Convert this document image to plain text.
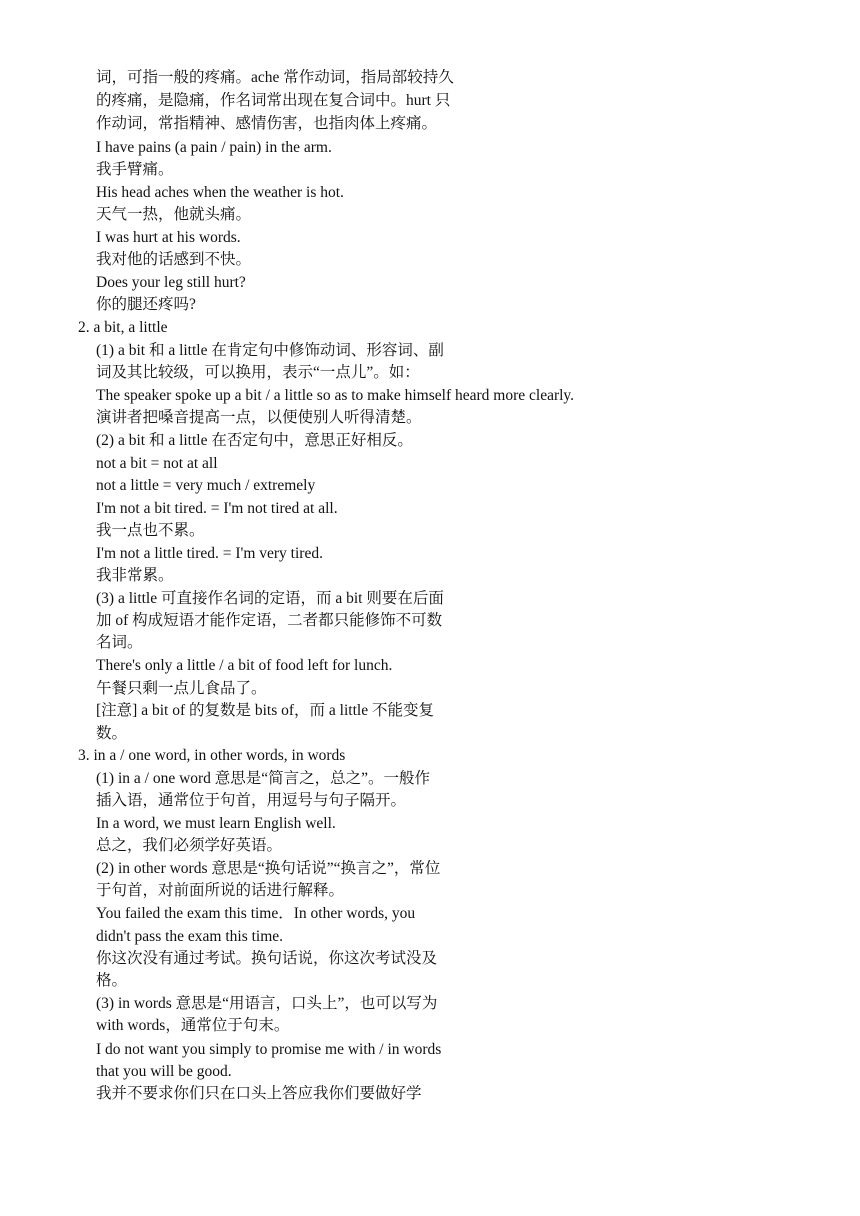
词，可指一般的疼痛。ache 常作动词，指局部较持久
的疼痛，是隐痛，作名词常出现在复合词中。hurt 只
作动词，常指精神、感情伤害，也指肉体上疼痛。
I have pains (a pain / pain) in the arm.
我手臂痛。
His head aches when the weather is hot.
天气一热，他就头痛。
I was hurt at his words.
我对他的话感到不快。
Does your leg still hurt?
你的腿还疼吗?
2. a bit, a little
(1) a bit 和 a little 在肯定句中修饰动词、形容词、副
词及其比较级，可以换用，表示“一点儿”。如：
The speaker spoke up a bit / a little so as to make himself heard more clearly.
演讲者把嗓音提高一点，以便使别人听得清楚。
(2) a bit 和 a little 在否定句中，意思正好相反。
not a bit = not at all
not a little = very much / extremely
I'm not a bit tired. = I'm not tired at all.
我一点也不累。
I'm not a little tired. = I'm very tired.
我非常累。
(3) a little 可直接作名词的定语，而 a bit 则要在后面
加 of 构成短语才能作定语，二者都只能修饰不可数
名词。
There's only a little / a bit of food left for lunch.
午餐只剩一点儿食品了。
[注意] a bit of 的复数是 bits of，而 a little 不能变复
数。
3. in a / one word, in other words, in words
(1) in a / one word 意思是“简言之，总之”。一般作
插入语，通常位于句首，用逗号与句子隔开。
In a word, we must learn English well.
总之，我们必须学好英语。
(2) in other words 意思是“换句话说”“换言之”，常位
于句首，对前面所说的话进行解释。
You failed the exam this time．In other words, you
didn't pass the exam this time.
你这次没有通过考试。换句话说，你这次考试没及
格。
(3) in words 意思是“用语言，口头上”，也可以写为
with words，通常位于句末。
I do not want you simply to promise me with / in words
that you will be good.
我并不要求你们只在口头上答应我你们要做好学
